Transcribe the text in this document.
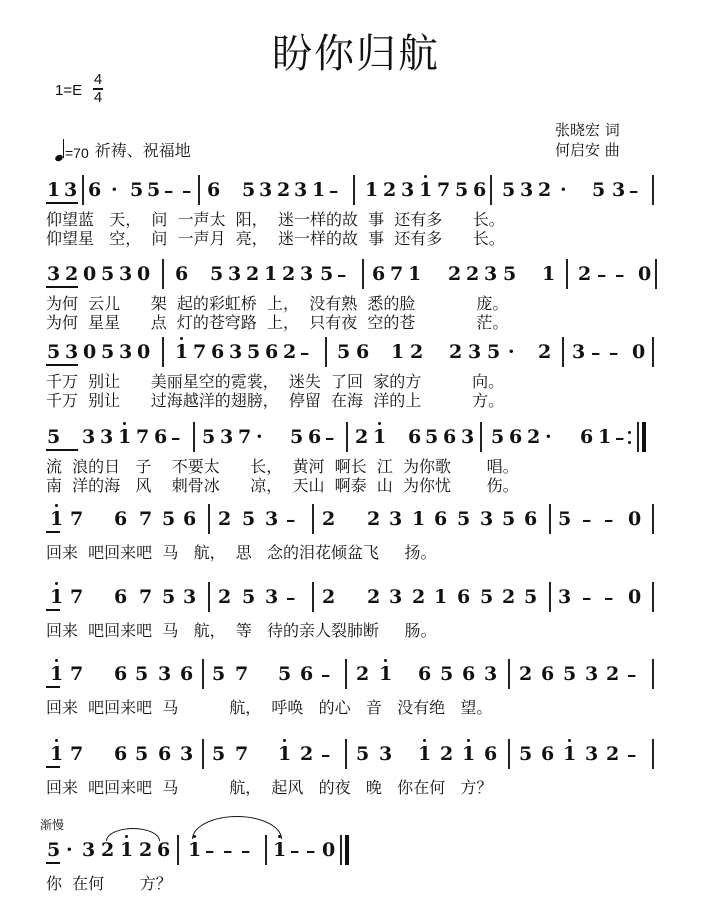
盼你归航
1=E
4
4
=70 祈祷、祝福地
张晓宏 词
何启安 曲
1 3 6 · 5 5 ━ ━ 6 5 3 2 3 1 ━ 1 2 3 1 7 5 6 5 3 2 · 5 3 ━
仰望蓝   天，  问  一声太  阳，  迷一样的故  事  还有多      长。
仰望星   空，  问  一声月  亮，  迷一样的故  事  还有多      长。
3 2 0 5 3 0 6 5 3 2 1 2 3 5 ━ 6 7 1 2 2 3 5 1 2 ━ ━ 0
为何  云儿      架  起的彩虹桥  上，  没有熟  悉的脸            庞。
为何  星星      点  灯的苍穹路  上，  只有夜  空的苍            茫。
5 3 0 5 3 0 1 7 6 3 5 6 2 ━ 5 6 1 2 2 3 5 · 2 3 ━ ━ 0
千万  别让      美丽星空的霓裳，  迷失  了回  家的方          向。
千万  别让      过海越洋的翅膀，  停留  在海  洋的上          方。
5 3 3 1 7 6 ━ 5 3 7 · 5 6 ━ 2 1 6 5 6 3 5 6 2 · 6 1 ━
流  浪的日   子    不要太      长，  黄河  啊长  江  为你歌       唱。
南  洋的海   风    刺骨冰      凉，  天山  啊泰  山  为你忧       伤。
1 7 6 7 5 6 2 5 3 ━ 2 2 3 1 6 5 3 5 6 5 ━ ━ 0
回来  吧回来吧  马   航，  思   念的泪花倾盆飞     扬。
1 7 6 7 5 3 2 5 3 ━ 2 2 3 2 1 6 5 2 5 3 ━ ━ 0
回来  吧回来吧  马   航，  等   待的亲人裂肺断     肠。
1 7 6 5 3 6 5 7 5 6 ━ 2 1 6 5 6 3 2 6 5 3 2 ━
回来  吧回来吧  马          航，  呼唤   的心   音   没有绝   望。
1 7 6 5 6 3 5 7 1 2 ━ 5 3 1 2 1 6 5 6 1 3 2 ━
回来  吧回来吧  马          航，  起风   的夜   晚   你在何   方？
5 · 3 2 1 2 6 1 ━ ━ ━ 1 ━ ━ 0
渐慢
你  在何       方？
